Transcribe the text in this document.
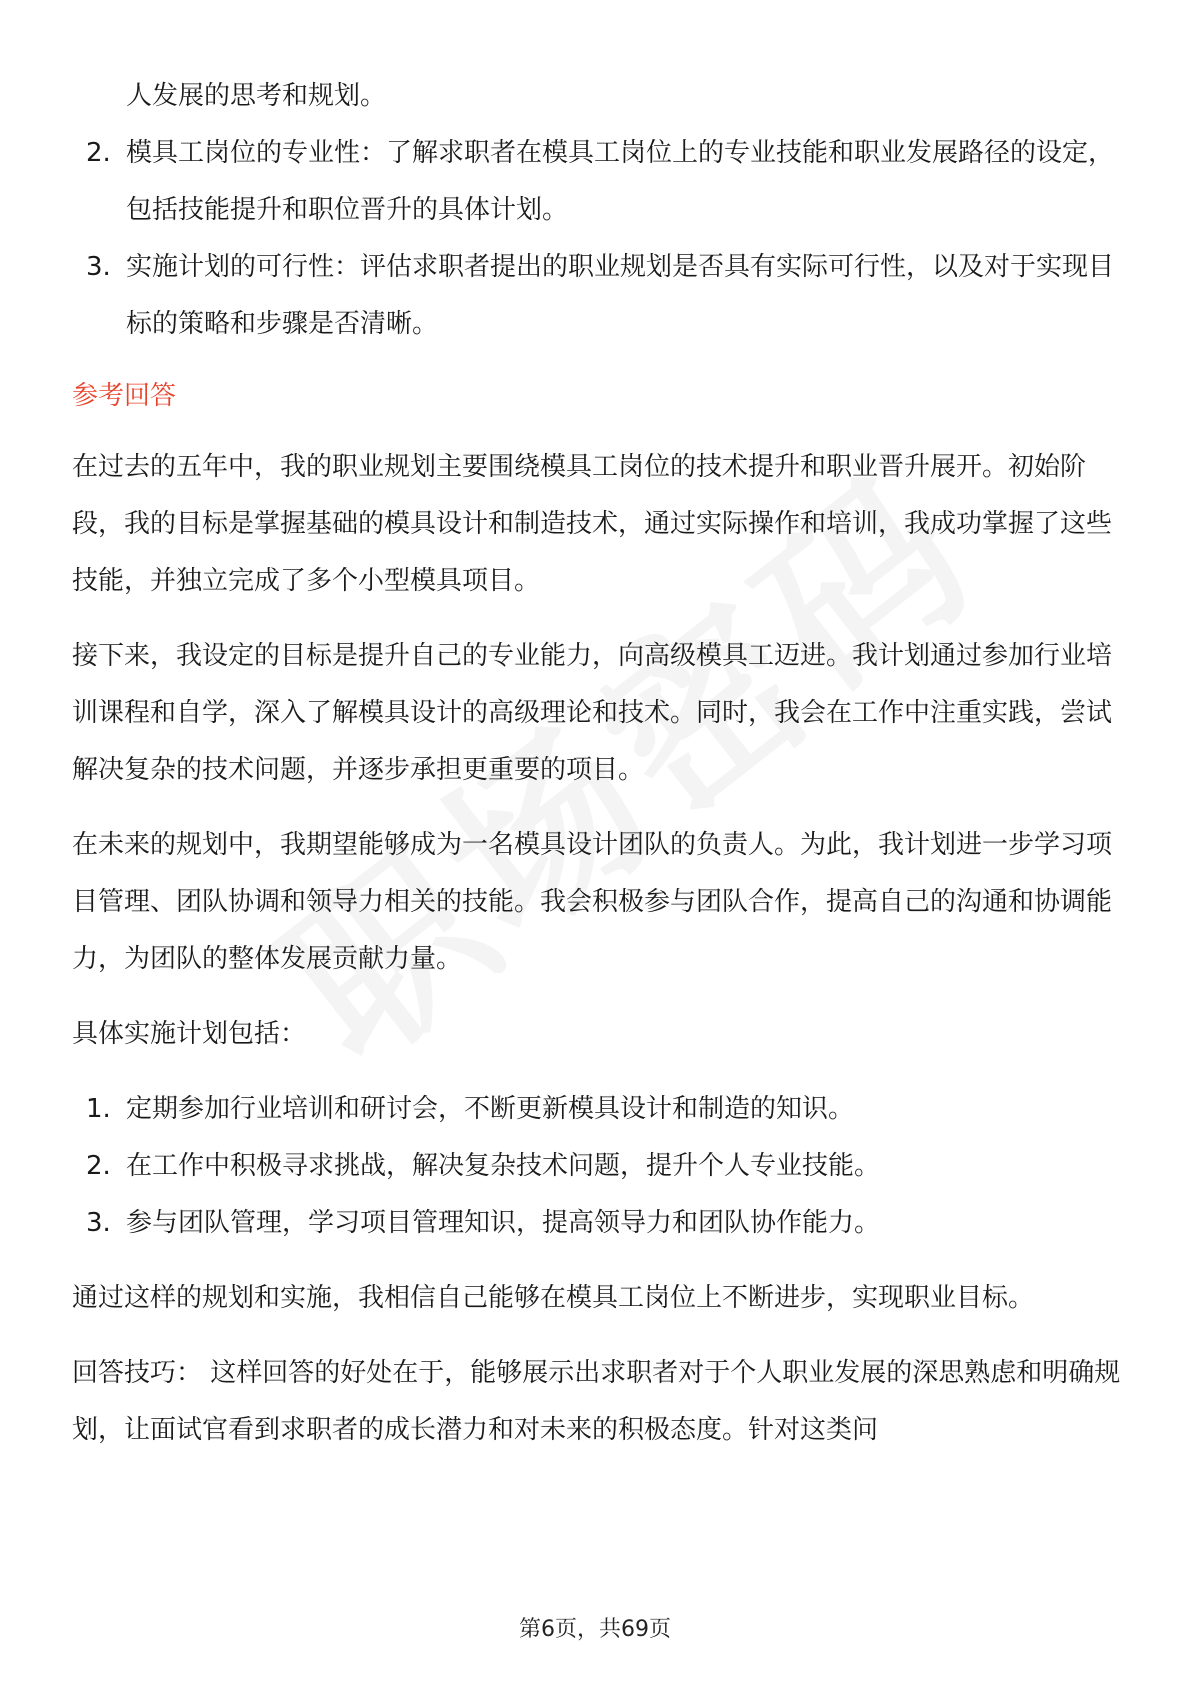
人发展的思考和规划。
2. 模具工岗位的专业性：了解求职者在模具工岗位上的专业技能和职业发展路径的设定，包括技能提升和职位晋升的具体计划。
3. 实施计划的可行性：评估求职者提出的职业规划是否具有实际可行性，以及对于实现目标的策略和步骤是否清晰。
参考回答

在过去的五年中，我的职业规划主要围绕模具工岗位的技术提升和职业晋升展开。初始阶段，我的目标是掌握基础的模具设计和制造技术，通过实际操作和培训，我成功掌握了这些技能，并独立完成了多个小型模具项目。

接下来，我设定的目标是提升自己的专业能力，向高级模具工迈进。我计划通过参加行业培训课程和自学，深入了解模具设计的高级理论和技术。同时，我会在工作中注重实践，尝试解决复杂的技术问题，并逐步承担更重要的项目。

在未来的规划中，我期望能够成为一名模具设计团队的负责人。为此，我计划进一步学习项目管理、团队协调和领导力相关的技能。我会积极参与团队合作，提高自己的沟通和协调能力，为团队的整体发展贡献力量。

具体实施计划包括：

1. 定期参加行业培训和研讨会，不断更新模具设计和制造的知识。
2. 在工作中积极寻求挑战，解决复杂技术问题，提升个人专业技能。
3. 参与团队管理，学习项目管理知识，提高领导力和团队协作能力。

通过这样的规划和实施，我相信自己能够在模具工岗位上不断进步，实现职业目标。

回答技巧： 这样回答的好处在于，能够展示出求职者对于个人职业发展的深思熟虑和明确规划，让面试官看到求职者的成长潜力和对未来的积极态度。针对这类问

第6页，共69页
